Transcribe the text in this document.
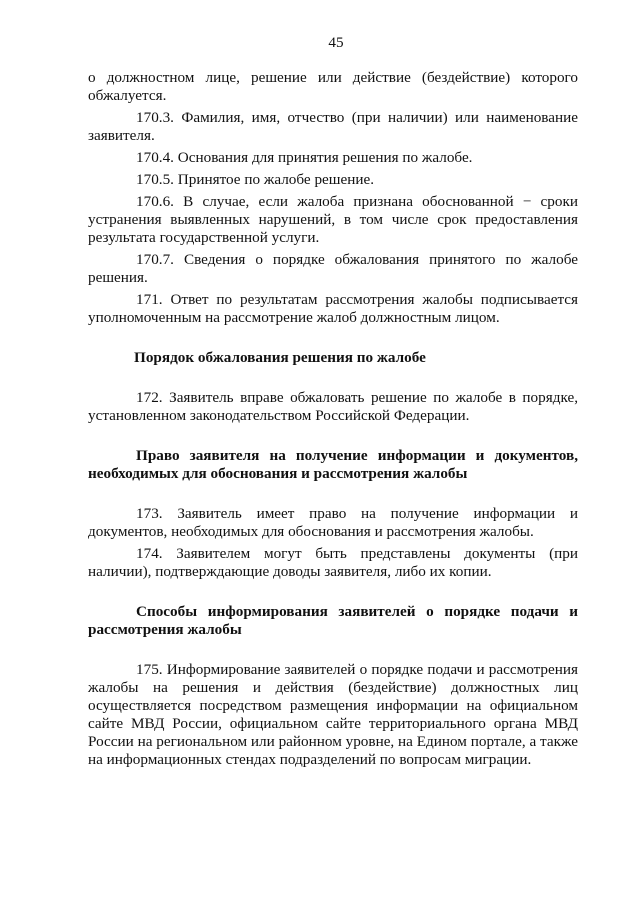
45

о должностном лице, решение или действие (бездействие) которого обжалуется.

170.3. Фамилия, имя, отчество (при наличии) или наименование заявителя.

170.4. Основания для принятия решения по жалобе.

170.5. Принятое по жалобе решение.

170.6. В случае, если жалоба признана обоснованной − сроки устранения выявленных нарушений, в том числе срок предоставления результата государственной услуги.

170.7. Сведения о порядке обжалования принятого по жалобе решения.

171. Ответ по результатам рассмотрения жалобы подписывается уполномоченным на рассмотрение жалоб должностным лицом.

Порядок обжалования решения по жалобе

172. Заявитель вправе обжаловать решение по жалобе в порядке, установленном законодательством Российской Федерации.

Право заявителя на получение информации и документов, необходимых для обоснования и рассмотрения жалобы

173. Заявитель имеет право на получение информации и документов, необходимых для обоснования и рассмотрения жалобы.

174. Заявителем могут быть представлены документы (при наличии), подтверждающие доводы заявителя, либо их копии.

Способы информирования заявителей о порядке подачи и рассмотрения жалобы

175. Информирование заявителей о порядке подачи и рассмотрения жалобы на решения и действия (бездействие) должностных лиц осуществляется посредством размещения информации на официальном сайте МВД России, официальном сайте территориального органа МВД России на региональном или районном уровне, на Едином портале, а также на информационных стендах подразделений по вопросам миграции.
